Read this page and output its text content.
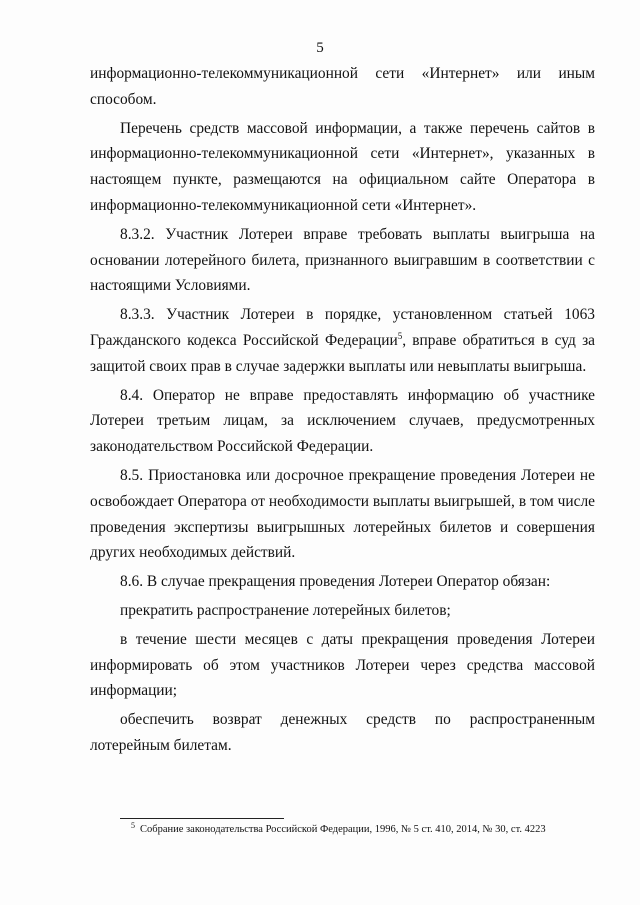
5

информационно-телекоммуникационной сети «Интернет» или иным способом.

Перечень средств массовой информации, а также перечень сайтов в информационно-телекоммуникационной сети «Интернет», указанных в настоящем пункте, размещаются на официальном сайте Оператора в информационно-телекоммуникационной сети «Интернет».

8.3.2. Участник Лотереи вправе требовать выплаты выигрыша на основании лотерейного билета, признанного выигравшим в соответствии с настоящими Условиями.

8.3.3. Участник Лотереи в порядке, установленном статьей 1063 Гражданского кодекса Российской Федерации$^5$, вправе обратиться в суд за защитой своих прав в случае задержки выплаты или невыплаты выигрыша.

8.4. Оператор не вправе предоставлять информацию об участнике Лотереи третьим лицам, за исключением случаев, предусмотренных законодательством Российской Федерации.

8.5. Приостановка или досрочное прекращение проведения Лотереи не освобождает Оператора от необходимости выплаты выигрышей, в том числе проведения экспертизы выигрышных лотерейных билетов и совершения других необходимых действий.

8.6. В случае прекращения проведения Лотереи Оператор обязан:

прекратить распространение лотерейных билетов;

в течение шести месяцев с даты прекращения проведения Лотереи информировать об этом участников Лотереи через средства массовой информации;

обеспечить возврат денежных средств по распространенным лотерейным билетам.

$^5$ Собрание законодательства Российской Федерации, 1996, № 5 ст. 410, 2014, № 30, ст. 4223
